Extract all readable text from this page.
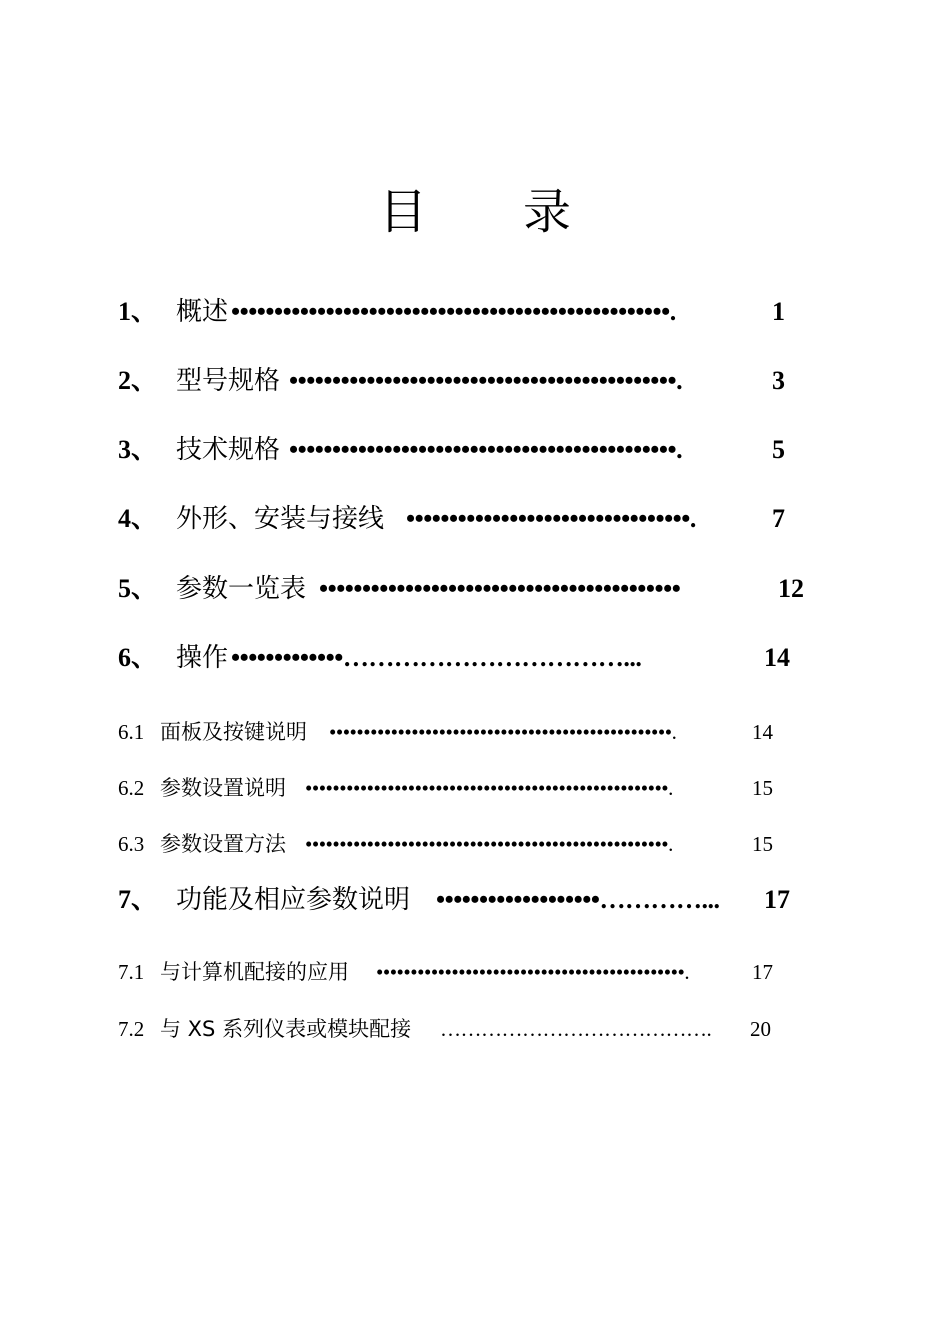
目　　录
1、 概述 •••••••••••••••••••••••••••••••••••••••••••••••••••.	1
2、 型号规格 •••••••••••••••••••••••••••••••••••••••••••••.	3
3、 技术规格 •••••••••••••••••••••••••••••••••••••••••••••.	5
4、 外形、安装与接线 •••••••••••••••••••••••••••••••••.	7
5、 参数一览表 ••••••••••••••••••••••••••••••••••••••••••	12
6、 操作 •••••••••••••……………………………...	14
6.1 面板及按键说明 ••••••••••••••••••••••••••••••••••••••••••••••••••.	14
6.2 参数设置说明 •••••••••••••••••••••••••••••••••••••••••••••••••••••.	15
6.3 参数设置方法 •••••••••••••••••••••••••••••••••••••••••••••••••••••.	15
7、 功能及相应参数说明 •••••••••••••••••••…………...	17
7.1 与计算机配接的应用 •••••••••••••••••••••••••••••••••••••••••••••.	17
7.2 与 XS 系列仪表或模块配接 ………………………………….	20
